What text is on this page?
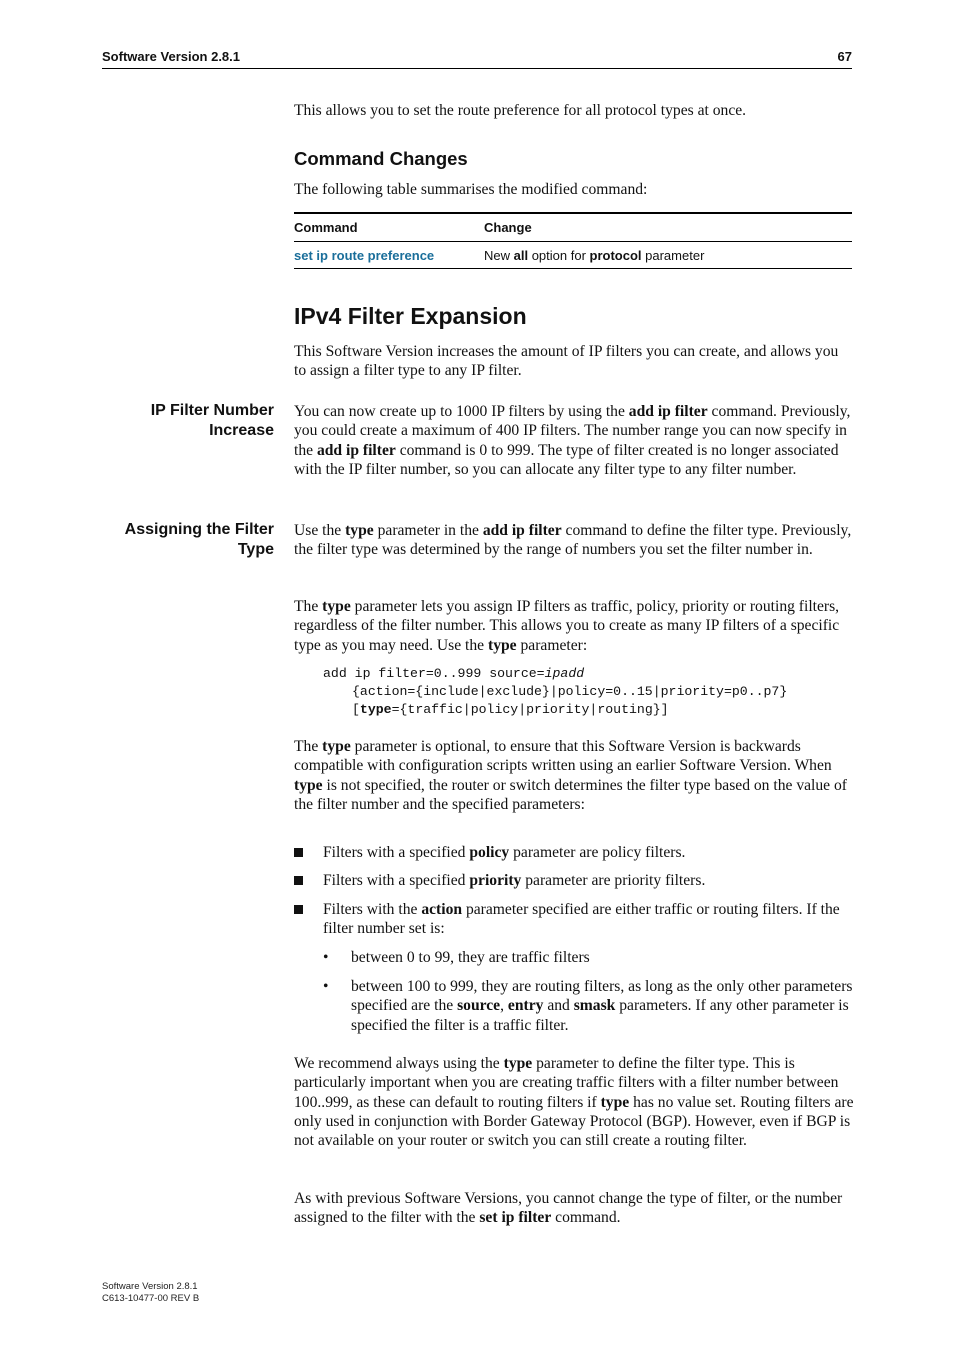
Software Version 2.8.1	67
This allows you to set the route preference for all protocol types at once.
Command Changes
The following table summarises the modified command:
Command	Change
set ip route preference	New all option for protocol parameter
IPv4 Filter Expansion
This Software Version increases the amount of IP filters you can create, and allows you to assign a filter type to any IP filter.
IP Filter Number
Increase
You can now create up to 1000 IP filters by using the add ip filter command. Previously, you could create a maximum of 400 IP filters. The number range you can now specify in the add ip filter command is 0 to 999. The type of filter created is no longer associated with the IP filter number, so you can allocate any filter type to any filter number.
Assigning the Filter
Type
Use the type parameter in the add ip filter command to define the filter type. Previously, the filter type was determined by the range of numbers you set the filter number in.
The type parameter lets you assign IP filters as traffic, policy, priority or routing filters, regardless of the filter number. This allows you to create as many IP filters of a specific type as you may need. Use the type parameter:
add ip filter=0..999 source=ipadd
{action={include|exclude}|policy=0..15|priority=p0..p7}
[type={traffic|policy|priority|routing}]
The type parameter is optional, to ensure that this Software Version is backwards compatible with configuration scripts written using an earlier Software Version. When type is not specified, the router or switch determines the filter type based on the value of the filter number and the specified parameters:
Filters with a specified policy parameter are policy filters.
Filters with a specified priority parameter are priority filters.
Filters with the action parameter specified are either traffic or routing filters. If the filter number set is:
• between 0 to 99, they are traffic filters
• between 100 to 999, they are routing filters, as long as the only other parameters specified are the source, entry and smask parameters. If any other parameter is specified the filter is a traffic filter.
We recommend always using the type parameter to define the filter type. This is particularly important when you are creating traffic filters with a filter number between 100..999, as these can default to routing filters if type has no value set. Routing filters are only used in conjunction with Border Gateway Protocol (BGP). However, even if BGP is not available on your router or switch you can still create a routing filter.
As with previous Software Versions, you cannot change the type of filter, or the number assigned to the filter with the set ip filter command.
Software Version 2.8.1
C613-10477-00 REV B
